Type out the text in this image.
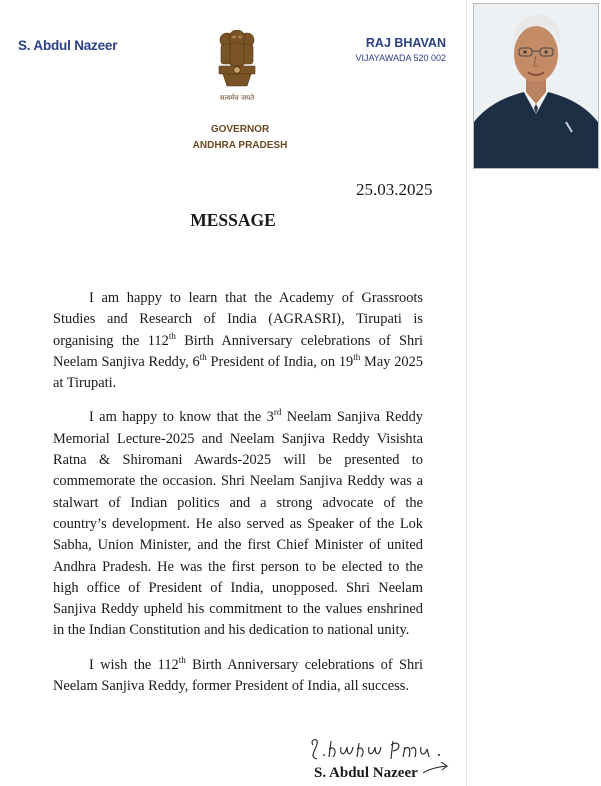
S. Abdul Nazeer	RAJ BHAVAN
VIJAYAWADA 520 002
सत्यमेव जयते
GOVERNOR
ANDHRA PRADESH
25.03.2025
MESSAGE

I am happy to learn that the Academy of Grassroots Studies and Research of India (AGRASRI), Tirupati is organising the 112th Birth Anniversary celebrations of Shri Neelam Sanjiva Reddy, 6th President of India, on 19th May 2025 at Tirupati.

I am happy to know that the 3rd Neelam Sanjiva Reddy Memorial Lecture-2025 and Neelam Sanjiva Reddy Visishta Ratna & Shiromani Awards-2025 will be presented to commemorate the occasion. Shri Neelam Sanjiva Reddy was a stalwart of Indian politics and a strong advocate of the country’s development. He also served as Speaker of the Lok Sabha, Union Minister, and the first Chief Minister of united Andhra Pradesh. He was the first person to be elected to the high office of President of India, unopposed. Shri Neelam Sanjiva Reddy upheld his commitment to the values enshrined in the Indian Constitution and his dedication to national unity.

I wish the 112th Birth Anniversary celebrations of Shri Neelam Sanjiva Reddy, former President of India, all success.

S. Abdul Nazeer
